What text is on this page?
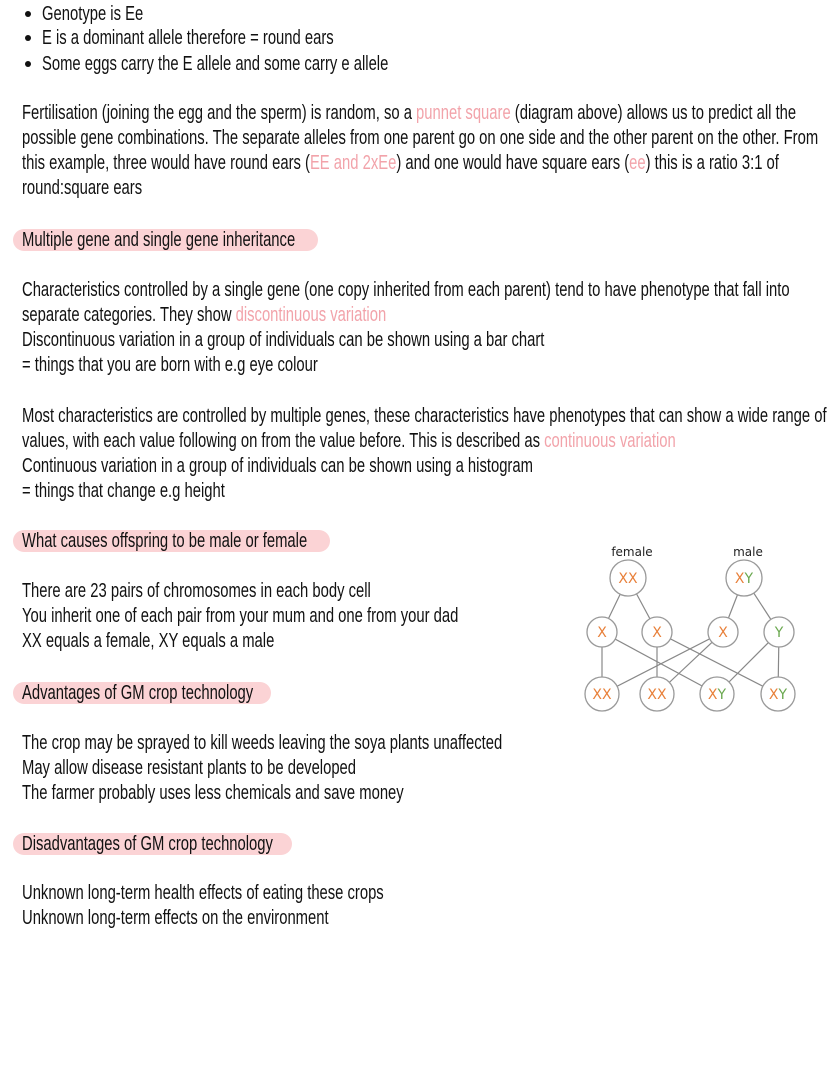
Genotype is Ee
E is a dominant allele therefore = round ears
Some eggs carry the E allele and some carry e allele
Fertilisation (joining the egg and the sperm) is random, so a punnet square (diagram above) allows us to predict all the
possible gene combinations. The separate alleles from one parent go on one side and the other parent on the other. From
this example, three would have round ears (EE and 2xEe) and one would have square ears (ee) this is a ratio 3:1 of
round:square ears
Multiple gene and single gene inheritance
Characteristics controlled by a single gene (one copy inherited from each parent) tend to have phenotype that fall into
separate categories. They show discontinuous variation
Discontinuous variation in a group of individuals can be shown using a bar chart
= things that you are born with e.g eye colour
Most characteristics are controlled by multiple genes, these characteristics have phenotypes that can show a wide range of
values, with each value following on from the value before. This is described as continuous variation
Continuous variation in a group of individuals can be shown using a histogram
= things that change e.g height
What causes offspring to be male or female
There are 23 pairs of chromosomes in each body cell
You inherit one of each pair from your mum and one from your dad
XX equals a female, XY equals a male
Advantages of GM crop technology
The crop may be sprayed to kill weeds leaving the soya plants unaffected
May allow disease resistant plants to be developed
The farmer probably uses less chemicals and save money
Disadvantages of GM crop technology
Unknown long-term health effects of eating these crops
Unknown long-term effects on the environment
female	male
XX	XY
X	X	X	Y
XX	XX	XY	XY
